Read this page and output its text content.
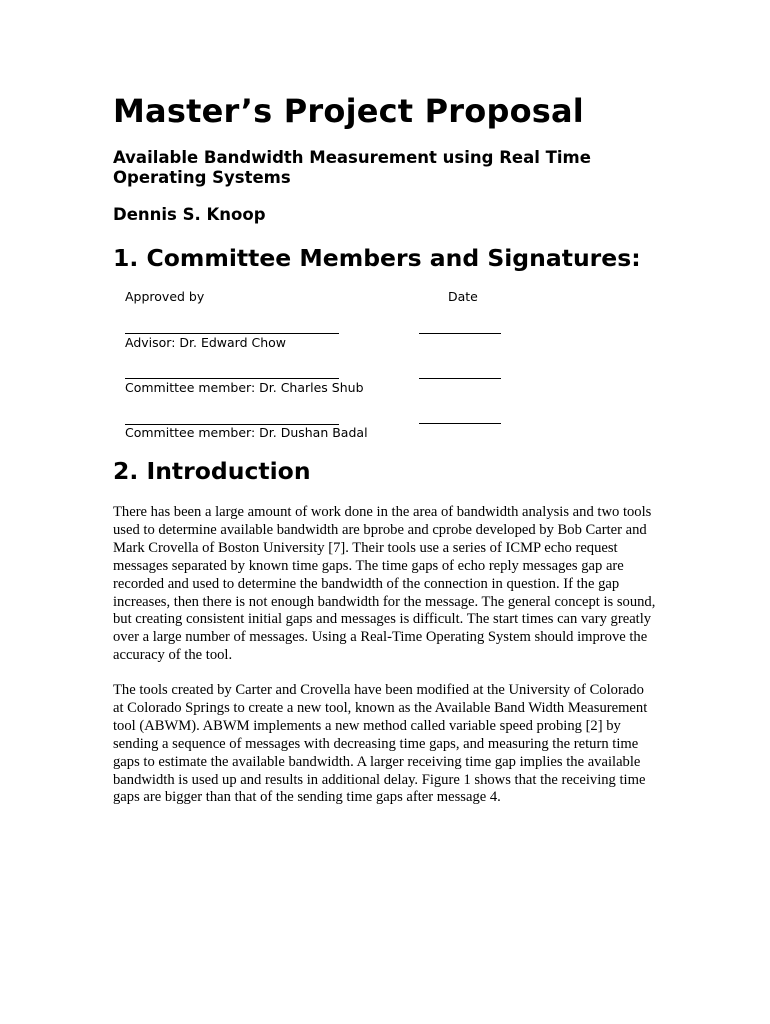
Master’s Project Proposal
Available Bandwidth Measurement using Real Time Operating Systems
Dennis S. Knoop
1. Committee Members and Signatures:
Approved by	Date
Advisor: Dr. Edward Chow
Committee member: Dr. Charles Shub
Committee member: Dr. Dushan Badal
2. Introduction

There has been a large amount of work done in the area of bandwidth analysis and two tools used to determine available bandwidth are bprobe and cprobe developed by Bob Carter and Mark Crovella of Boston University [7]. Their tools use a series of ICMP echo request messages separated by known time gaps. The time gaps of echo reply messages gap are recorded and used to determine the bandwidth of the connection in question. If the gap increases, then there is not enough bandwidth for the message. The general concept is sound, but creating consistent initial gaps and messages is difficult. The start times can vary greatly over a large number of messages. Using a Real-Time Operating System should improve the accuracy of the tool.

The tools created by Carter and Crovella have been modified at the University of Colorado at Colorado Springs to create a new tool, known as the Available Band Width Measurement tool (ABWM). ABWM implements a new method called variable speed probing [2] by sending a sequence of messages with decreasing time gaps, and measuring the return time gaps to estimate the available bandwidth. A larger receiving time gap implies the available bandwidth is used up and results in additional delay. Figure 1 shows that the receiving time gaps are bigger than that of the sending time gaps after message 4.
